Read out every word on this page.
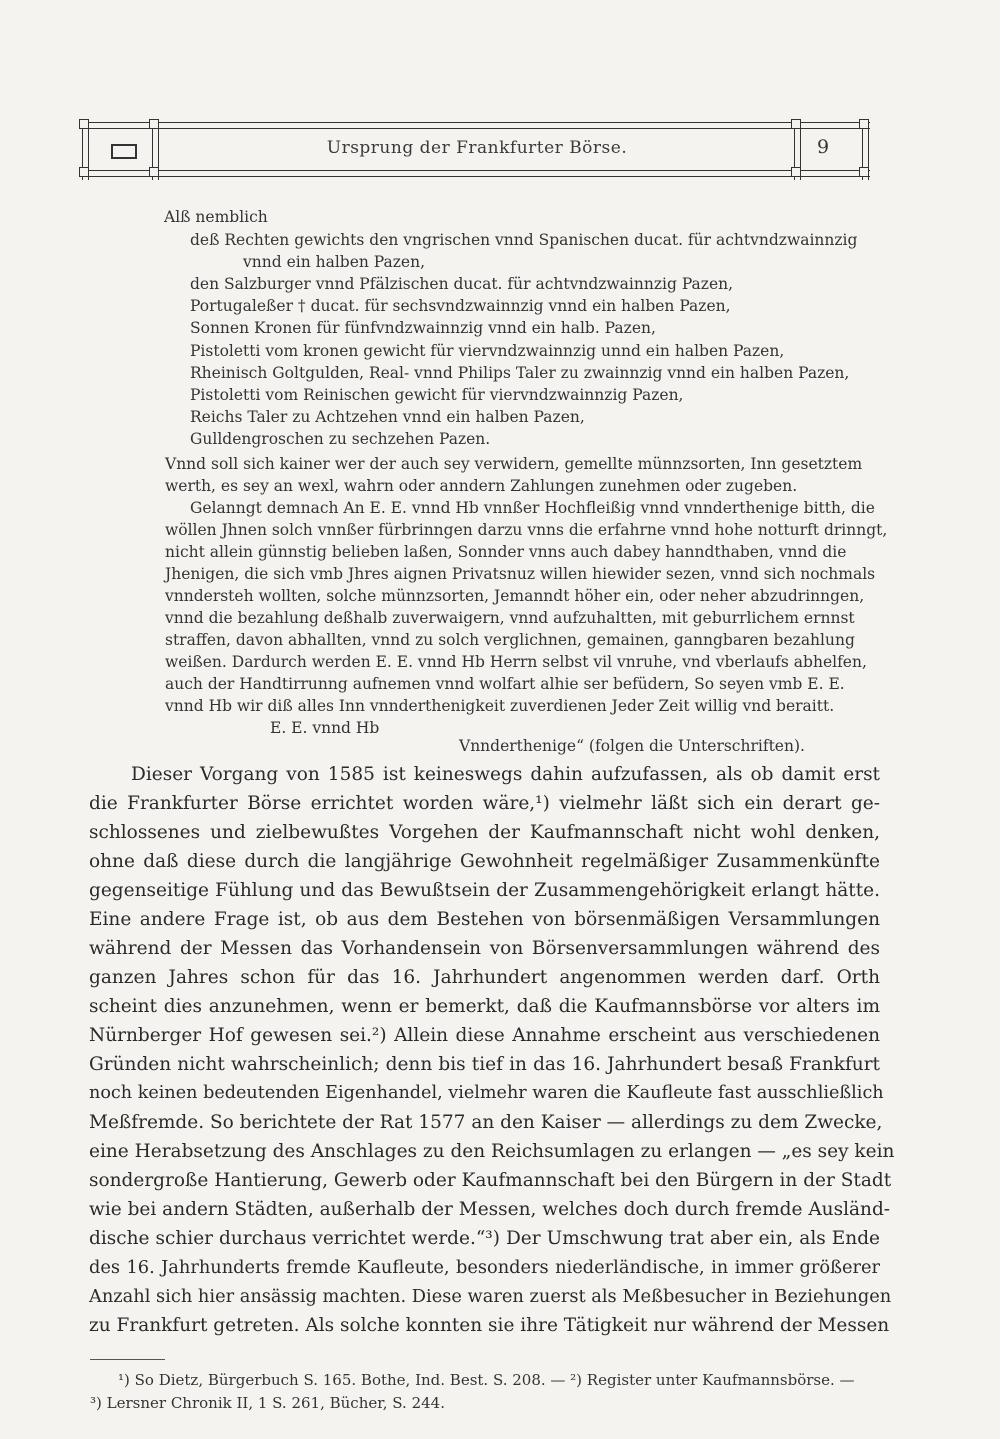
Ursprung der Frankfurter Börse.	9
Alß nemblich
deß Rechten gewichts den vngrischen vnnd Spanischen ducat. für achtvndzwainnzig
vnnd ein halben Pazen,
den Salzburger vnnd Pfälzischen ducat. für achtvndzwainnzig Pazen,
Portugaleßer † ducat. für sechsvndzwainnzig vnnd ein halben Pazen,
Sonnen Kronen für fünfvndzwainnzig vnnd ein halb. Pazen,
Pistoletti vom kronen gewicht für viervndzwainnzig unnd ein halben Pazen,
Rheinisch Goltgulden, Real- vnnd Philips Taler zu zwainnzig vnnd ein halben Pazen,
Pistoletti vom Reinischen gewicht für viervndzwainnzig Pazen,
Reichs Taler zu Achtzehen vnnd ein halben Pazen,
Gulldengroschen zu sechzehen Pazen.
Vnnd soll sich kainer wer der auch sey verwidern, gemellte münnzsorten, Inn gesetztem
werth, es sey an wexl, wahrn oder anndern Zahlungen zunehmen oder zugeben.
Gelanngt demnach An E. E. vnnd Hb vnnßer Hochfleißig vnnd vnnderthenige bitth, die
wöllen Jhnen solch vnnßer fürbrinngen darzu vnns die erfahrne vnnd hohe notturft drinngt,
nicht allein günnstig belieben laßen, Sonnder vnns auch dabey hanndthaben, vnnd die
Jhenigen, die sich vmb Jhres aignen Privatsnuz willen hiewider sezen, vnnd sich nochmals
vnndersteh wollten, solche münnzsorten, Jemanndt höher ein, oder neher abzudrinngen,
vnnd die bezahlung deßhalb zuverwaigern, vnnd aufzuhaltten, mit geburrlichem ernnst
straffen, davon abhallten, vnnd zu solch verglichnen, gemainen, ganngbaren bezahlung
weißen. Dardurch werden E. E. vnnd Hb Herrn selbst vil vnruhe, vnd vberlaufs abhelfen,
auch der Handtirrunng aufnemen vnnd wolfart alhie ser befüdern, So seyen vmb E. E.
vnnd Hb wir diß alles Inn vnnderthenigkeit zuverdienen Jeder Zeit willig vnd beraitt.
E. E. vnnd Hb
Vnnderthenige“ (folgen die Unterschriften).
Dieser Vorgang von 1585 ist keineswegs dahin aufzufassen, als ob damit erst
die Frankfurter Börse errichtet worden wäre,¹) vielmehr läßt sich ein derart ge-
schlossenes und zielbewußtes Vorgehen der Kaufmannschaft nicht wohl denken,
ohne daß diese durch die langjährige Gewohnheit regelmäßiger Zusammenkünfte
gegenseitige Fühlung und das Bewußtsein der Zusammengehörigkeit erlangt hätte.
Eine andere Frage ist, ob aus dem Bestehen von börsenmäßigen Versammlungen
während der Messen das Vorhandensein von Börsenversammlungen während des
ganzen Jahres schon für das 16. Jahrhundert angenommen werden darf. Orth
scheint dies anzunehmen, wenn er bemerkt, daß die Kaufmannsbörse vor alters im
Nürnberger Hof gewesen sei.²) Allein diese Annahme erscheint aus verschiedenen
Gründen nicht wahrscheinlich; denn bis tief in das 16. Jahrhundert besaß Frankfurt
noch keinen bedeutenden Eigenhandel, vielmehr waren die Kaufleute fast ausschließlich
Meßfremde. So berichtete der Rat 1577 an den Kaiser — allerdings zu dem Zwecke,
eine Herabsetzung des Anschlages zu den Reichsumlagen zu erlangen — „es sey kein
sondergroße Hantierung, Gewerb oder Kaufmannschaft bei den Bürgern in der Stadt
wie bei andern Städten, außerhalb der Messen, welches doch durch fremde Ausländ-
dische schier durchaus verrichtet werde.“³) Der Umschwung trat aber ein, als Ende
des 16. Jahrhunderts fremde Kaufleute, besonders niederländische, in immer größerer
Anzahl sich hier ansässig machten. Diese waren zuerst als Meßbesucher in Beziehungen
zu Frankfurt getreten. Als solche konnten sie ihre Tätigkeit nur während der Messen
¹) So Dietz, Bürgerbuch S. 165. Bothe, Ind. Best. S. 208. — ²) Register unter Kaufmannsbörse. —
³) Lersner Chronik II, 1 S. 261, Bücher, S. 244.
